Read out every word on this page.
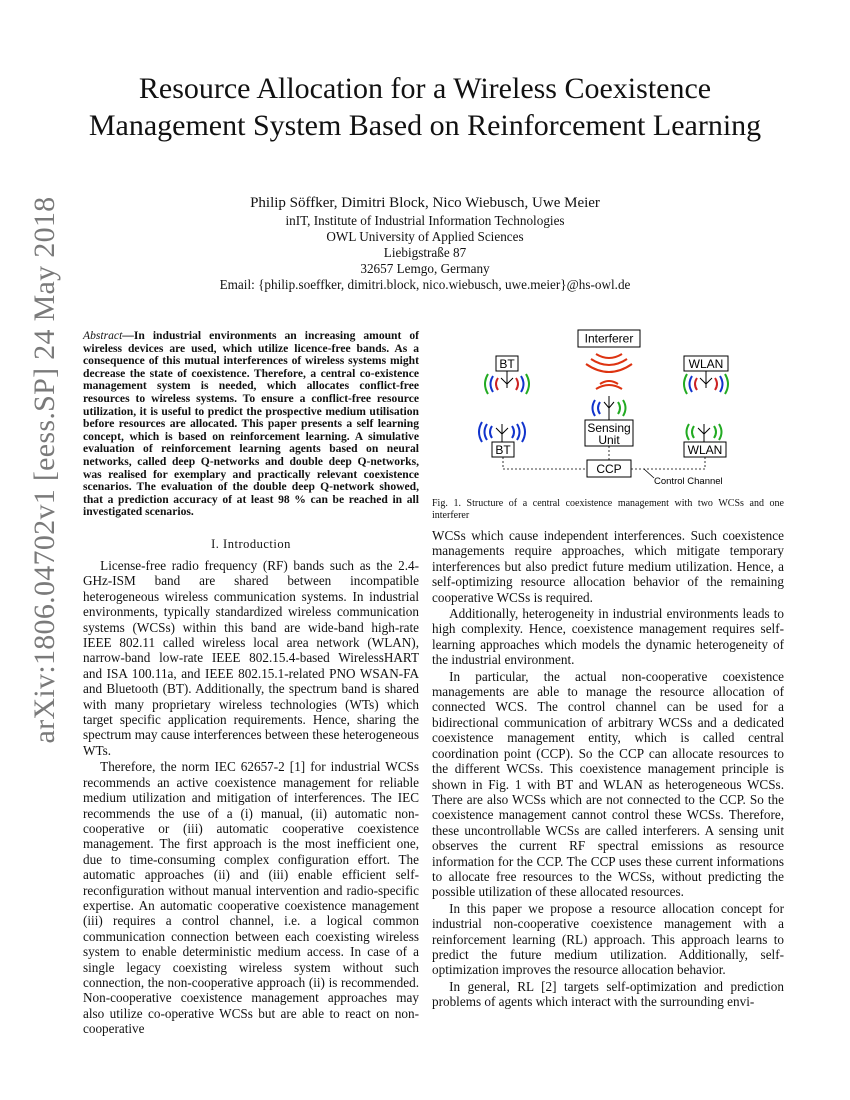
Resource Allocation for a Wireless Coexistence Management System Based on Reinforcement Learning
Philip Söffker, Dimitri Block, Nico Wiebusch, Uwe Meier
inIT, Institute of Industrial Information Technologies
OWL University of Applied Sciences
Liebigstraße 87
32657 Lemgo, Germany
Email: {philip.soeffker, dimitri.block, nico.wiebusch, uwe.meier}@hs-owl.de
arXiv:1806.04702v1 [eess.SP] 24 May 2018 Abstract—In industrial environments an increasing amount of wireless devices are used, which utilize licence-free bands. As a consequence of this mutual interferences of wireless systems might decrease the state of coexistence. Therefore, a central co-existence management system is needed, which allocates conflict-free resources to wireless systems. To ensure a conflict-free resource utilization, it is useful to predict the prospective medium utilisation before resources are allocated. This paper presents a self learning concept, which is based on reinforcement learning. A simulative evaluation of reinforcement learning agents based on neural networks, called deep Q-networks and double deep Q-networks, was realised for exemplary and practically relevant coexistence scenarios. The evaluation of the double deep Q-network showed, that a prediction accuracy of at least 98 % can be reached in all investigated scenarios.
I. Introduction

License-free radio frequency (RF) bands such as the 2.4-GHz-ISM band are shared between incompatible heterogeneous wireless communication systems. In industrial environments, typically standardized wireless communication systems (WCSs) within this band are wide-band high-rate IEEE 802.11 called wireless local area network (WLAN), narrow-band low-rate IEEE 802.15.4-based WirelessHART and ISA 100.11a, and IEEE 802.15.1-related PNO WSAN-FA and Bluetooth (BT). Additionally, the spectrum band is shared with many proprietary wireless technologies (WTs) which target specific application requirements. Hence, sharing the spectrum may cause interferences between these heterogeneous WTs.

Therefore, the norm IEC 62657-2 [1] for industrial WCSs recommends an active coexistence management for reliable medium utilization and mitigation of interferences. The IEC recommends the use of a (i) manual, (ii) automatic non-cooperative or (iii) automatic cooperative coexistence management. The first approach is the most inefficient one, due to time-consuming complex configuration effort. The automatic approaches (ii) and (iii) enable efficient self-reconfiguration without manual intervention and radio-specific expertise. An automatic cooperative coexistence management (iii) requires a control channel, i.e. a logical common communication connection between each coexisting wireless system to enable deterministic medium access. In case of a single legacy coexisting wireless system without such connection, the non-cooperative approach (ii) is recommended. Non-cooperative coexistence management approaches may also utilize co-operative WCSs but are able to react on non-cooperative

Interferer
BT	WLAN
Sensing
Unit
BT	WLAN
CCP
Control Channel
Fig. 1. Structure of a central coexistence management with two WCSs and one interferer

WCSs which cause independent interferences. Such coexistence managements require approaches, which mitigate temporary interferences but also predict future medium utilization. Hence, a self-optimizing resource allocation behavior of the remaining cooperative WCSs is required.

Additionally, heterogeneity in industrial environments leads to high complexity. Hence, coexistence management requires self-learning approaches which models the dynamic heterogeneity of the industrial environment.

In particular, the actual non-cooperative coexistence managements are able to manage the resource allocation of connected WCS. The control channel can be used for a bidirectional communication of arbitrary WCSs and a dedicated coexistence management entity, which is called central coordination point (CCP). So the CCP can allocate resources to the different WCSs. This coexistence management principle is shown in Fig. 1 with BT and WLAN as heterogeneous WCSs. There are also WCSs which are not connected to the CCP. So the coexistence management cannot control these WCSs. Therefore, these uncontrollable WCSs are called interferers. A sensing unit observes the current RF spectral emissions as resource information for the CCP. The CCP uses these current informations to allocate free resources to the WCSs, without predicting the possible utilization of these allocated resources.

In this paper we propose a resource allocation concept for industrial non-cooperative coexistence management with a reinforcement learning (RL) approach. This approach learns to predict the future medium utilization. Additionally, self-optimization improves the resource allocation behavior.

In general, RL [2] targets self-optimization and prediction problems of agents which interact with the surrounding envi-
